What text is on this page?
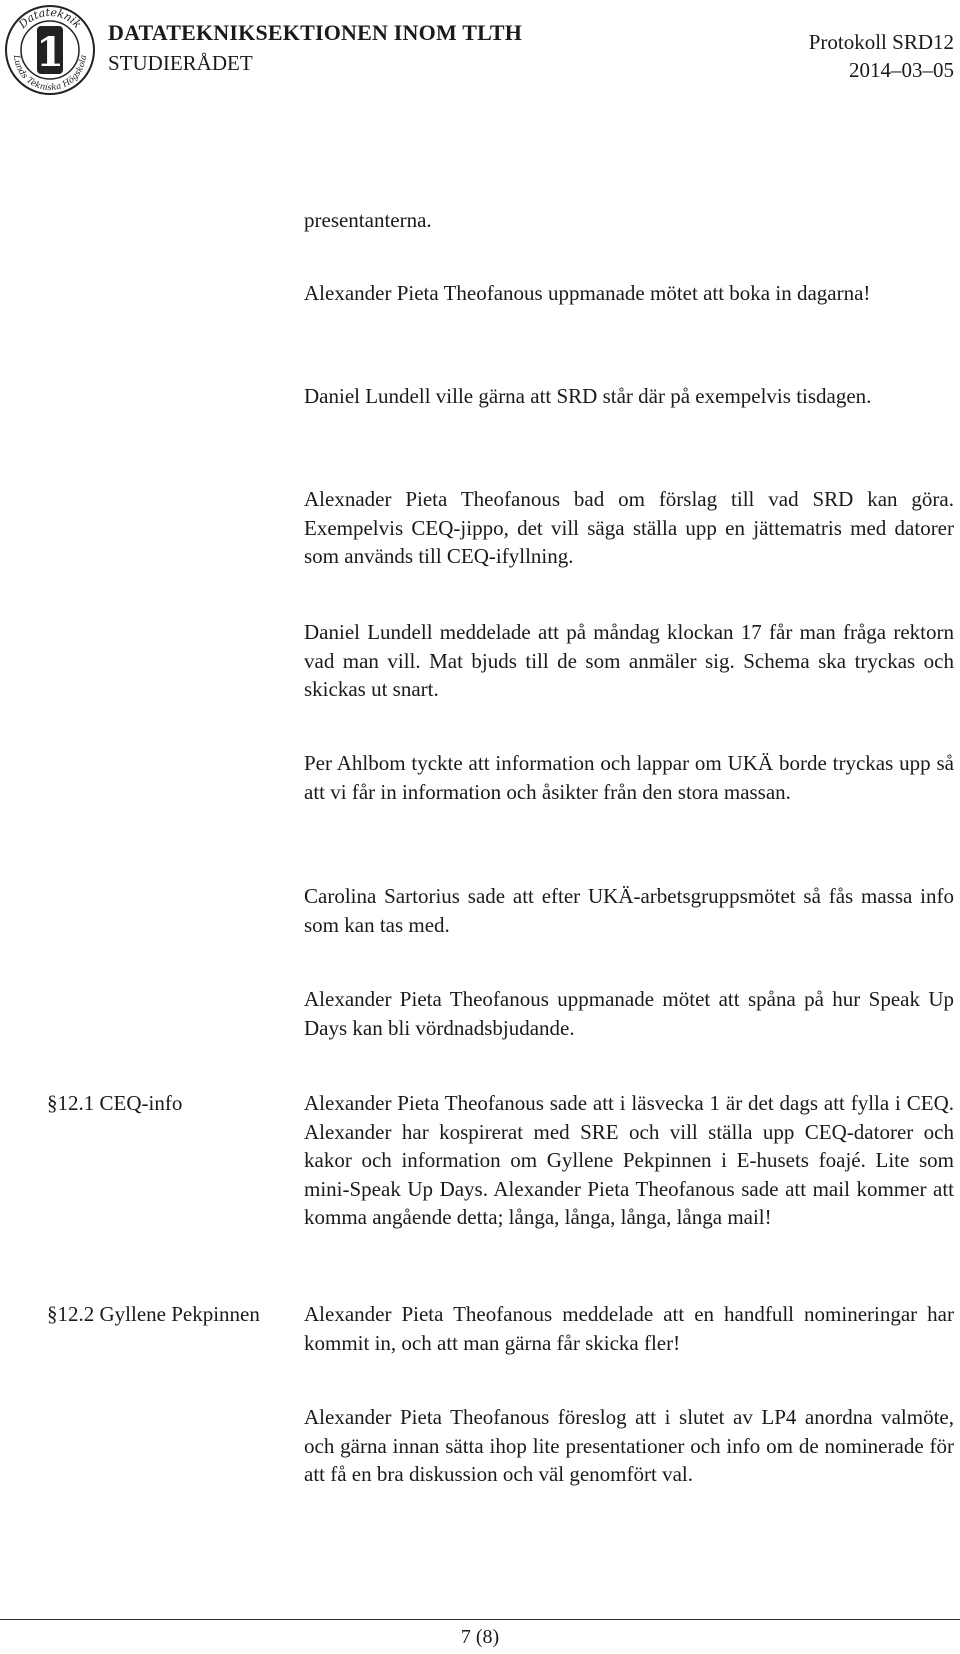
Datateknik
Lunds Tekniska Högskola
1 DATATEKNIKSEKTIONEN INOM TLTH
STUDIERÅDET
Protokoll SRD12
2014–03–05
presentanterna.
Alexander Pieta Theofanous uppmanade mötet att boka in dagarna!
Daniel Lundell ville gärna att SRD står där på exempelvis tisdagen.
Alexnader Pieta Theofanous bad om förslag till vad SRD kan göra. Exempelvis CEQ-jippo, det vill säga ställa upp en jättematris med datorer som används till CEQ-ifyllning.
Daniel Lundell meddelade att på måndag klockan 17 får man fråga rektorn vad man vill. Mat bjuds till de som anmäler sig. Schema ska tryckas och skickas ut snart.
Per Ahlbom tyckte att information och lappar om UKÄ borde tryckas upp så att vi får in information och åsikter från den stora massan.
Carolina Sartorius sade att efter UKÄ-arbetsgruppsmötet så fås massa info som kan tas med.
Alexander Pieta Theofanous uppmanade mötet att spåna på hur Speak Up Days kan bli vördnadsbjudande.
§12.1 CEQ-info	Alexander Pieta Theofanous sade att i läsvecka 1 är det dags att fylla i CEQ. Alexander har kospirerat med SRE och vill ställa upp CEQ-datorer och kakor och information om Gyllene Pekpinnen i E-husets foajé. Lite som mini-Speak Up Days. Alexander Pieta Theofanous sade att mail kommer att komma angående detta; långa, långa, långa, långa mail!
§12.2 Gyllene Pekpinnen Alexander Pieta Theofanous meddelade att en handfull nomineringar har kommit in, och att man gärna får skicka fler!
Alexander Pieta Theofanous föreslog att i slutet av LP4 anordna valmöte, och gärna innan sätta ihop lite presentationer och info om de nominerade för att få en bra diskussion och väl genomfört val.
7 (8)
